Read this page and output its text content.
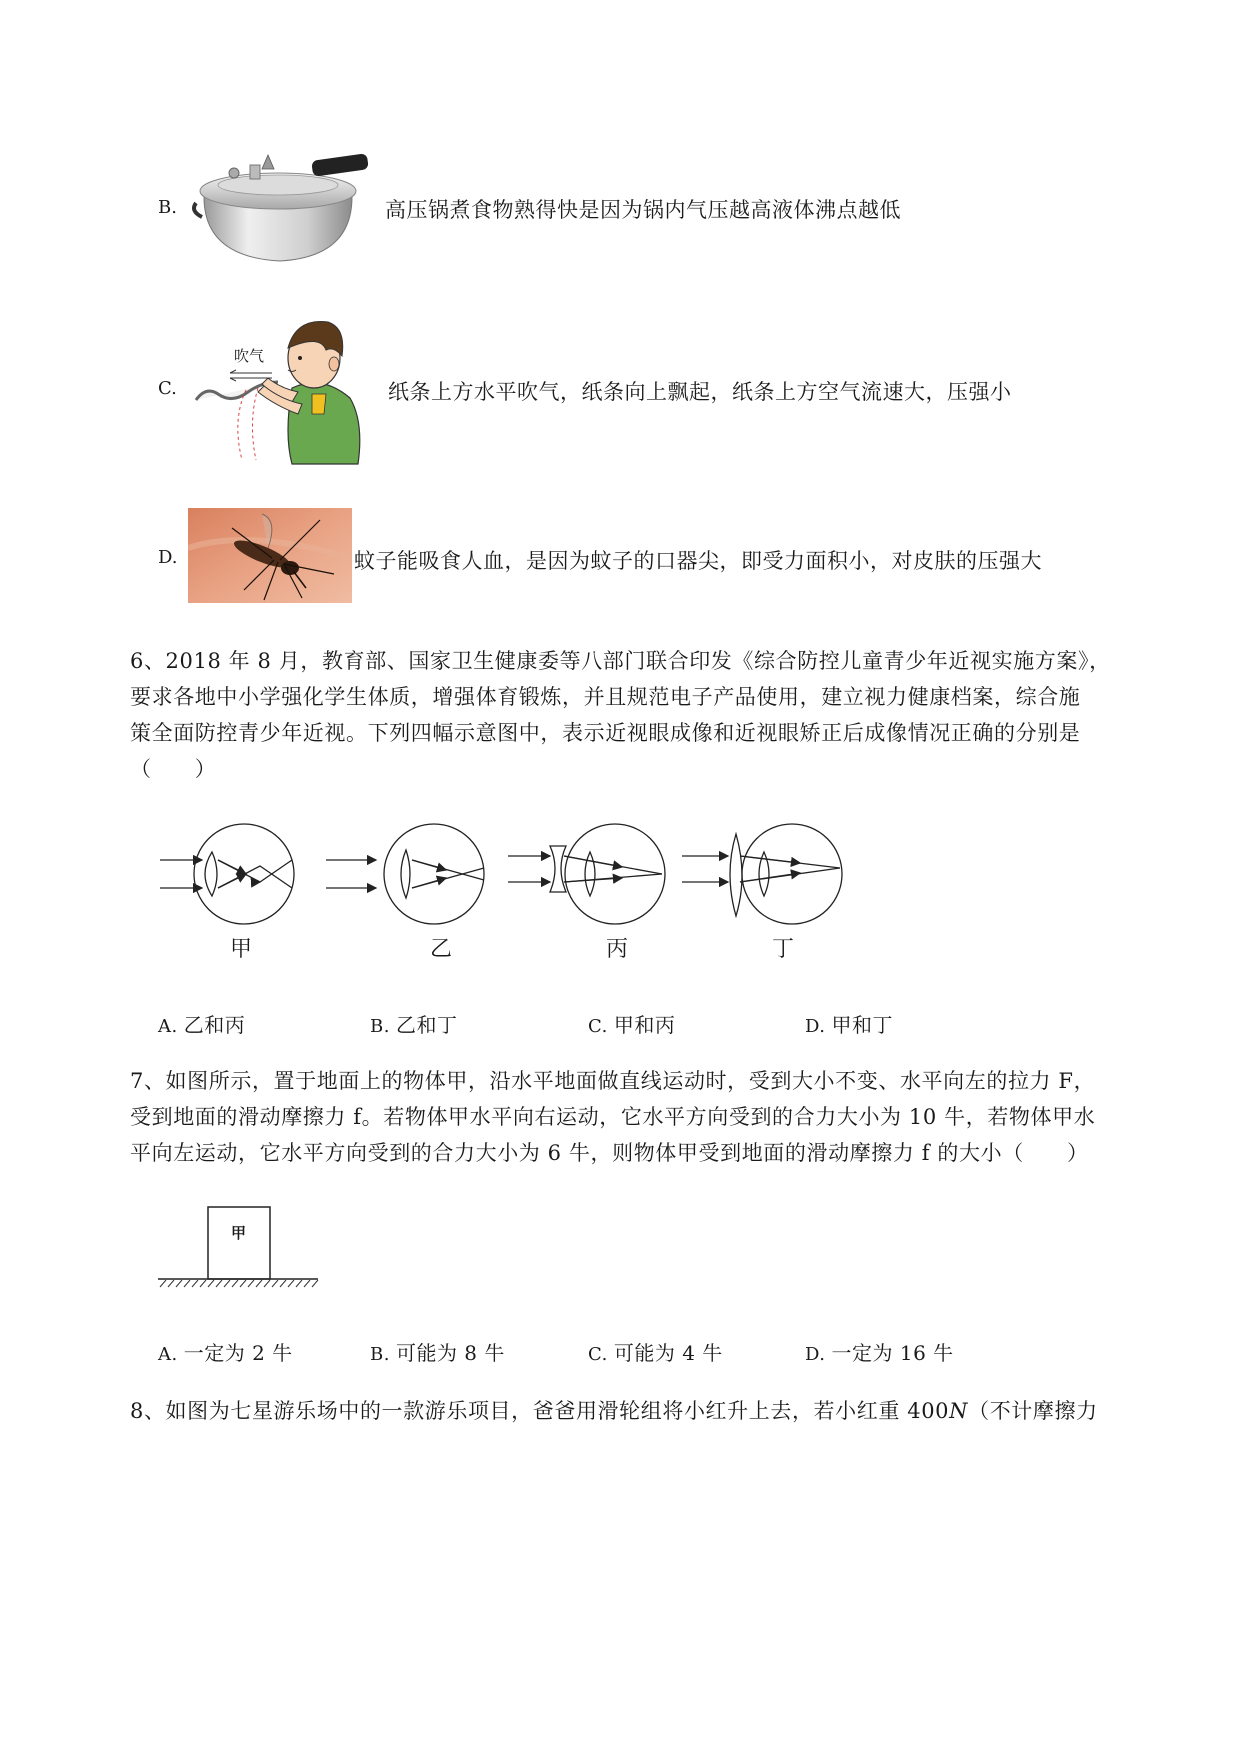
B.	高压锅煮食物熟得快是因为锅内气压越高液体沸点越低
C.
吹气
纸条上方水平吹气，纸条向上飘起，纸条上方空气流速大，压强小
D.	蚊子能吸食人血，是因为蚊子的口器尖，即受力面积小，对皮肤的压强大
6、2018 年 8 月，教育部、国家卫生健康委等八部门联合印发《综合防控儿童青少年近视实施方案》，
要求各地中小学强化学生体质，增强体育锻炼，并且规范电子产品使用，建立视力健康档案，综合施
策全面防控青少年近视。下列四幅示意图中，表示近视眼成像和近视眼矫正后成像情况正确的分别是
（　　）
甲	乙	丙	丁
A. 乙和丙	B. 乙和丁	C. 甲和丙	D. 甲和丁
7、如图所示，置于地面上的物体甲，沿水平地面做直线运动时，受到大小不变、水平向左的拉力 F，
受到地面的滑动摩擦力 f。若物体甲水平向右运动，它水平方向受到的合力大小为 10 牛，若物体甲水
平向左运动，它水平方向受到的合力大小为 6 牛，则物体甲受到地面的滑动摩擦力 f 的大小（　　）
甲
A. 一定为 2 牛	B. 可能为 8 牛	C. 可能为 4 牛	D. 一定为 16 牛
8、如图为七星游乐场中的一款游乐项目，爸爸用滑轮组将小红升上去，若小红重 400N（不计摩擦力
